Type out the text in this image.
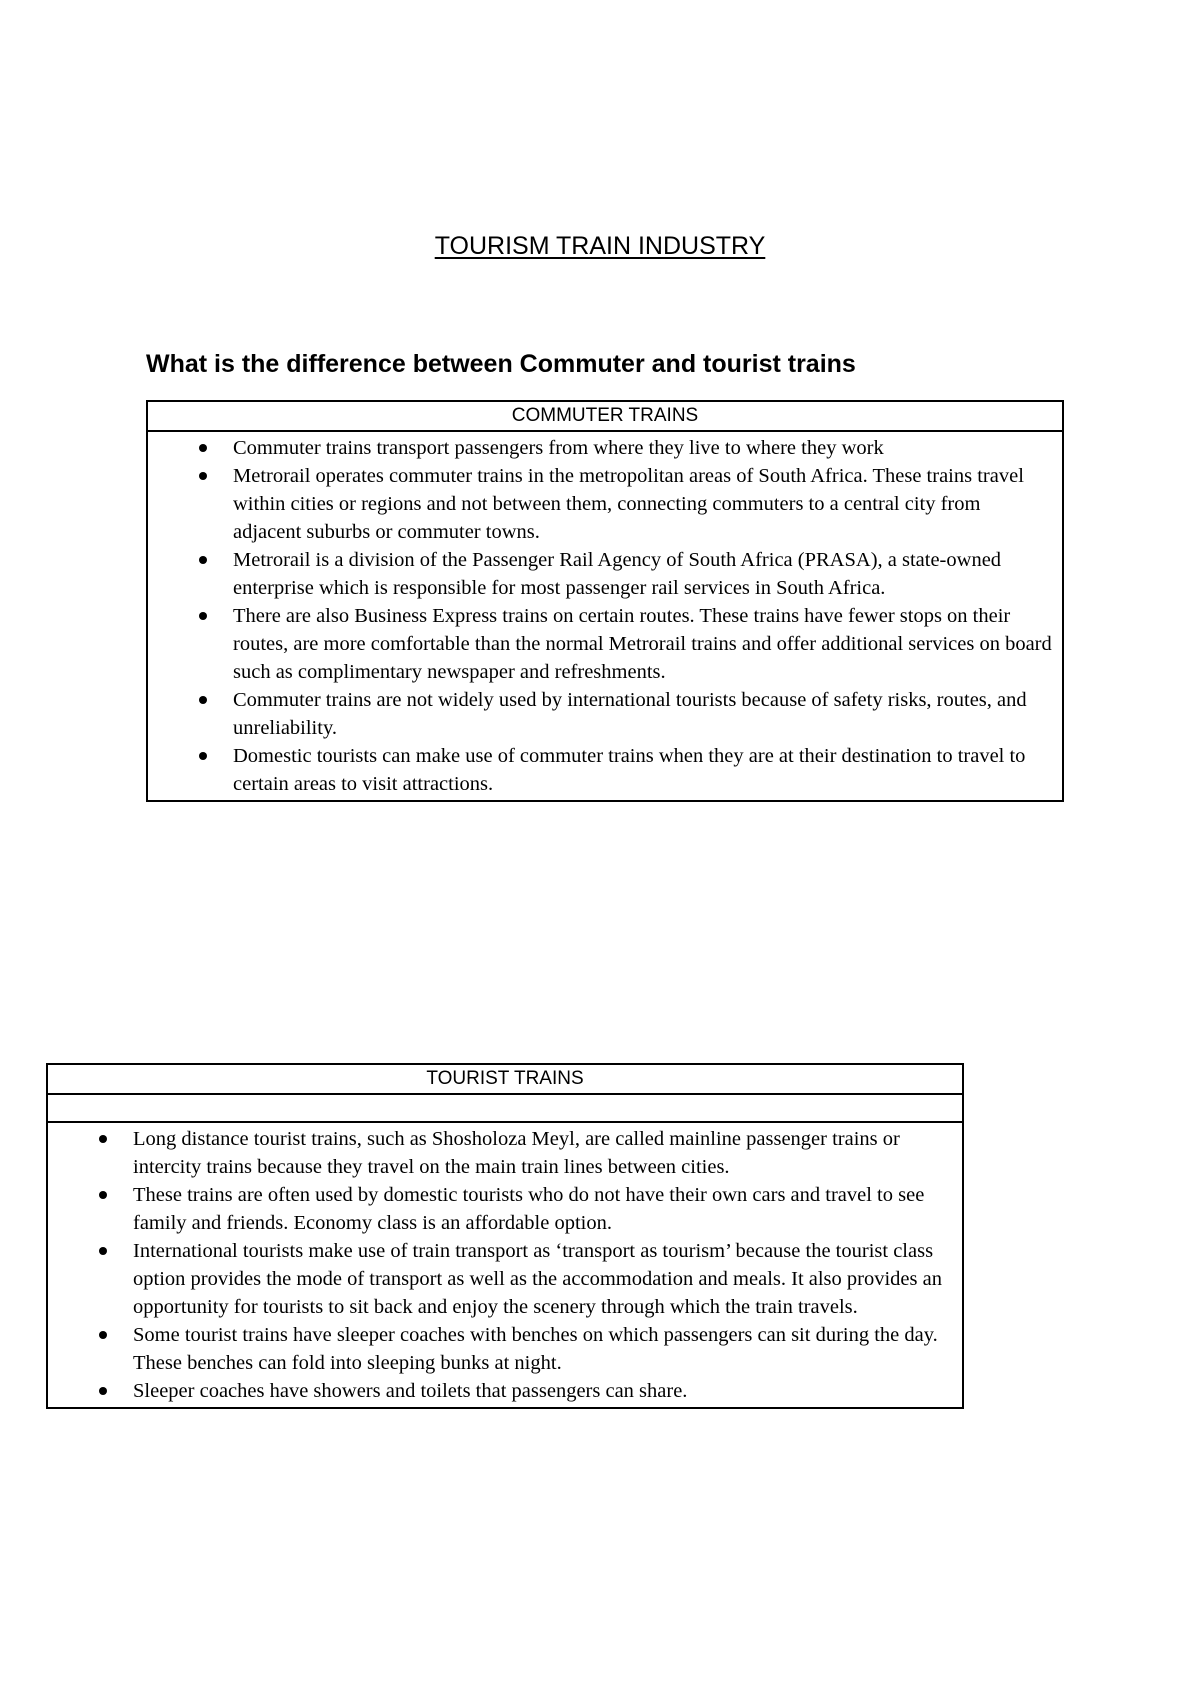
TOURISM TRAIN INDUSTRY
What is the difference between Commuter and tourist trains
COMMUTER TRAINS

Commuter trains transport passengers from where they live to where they work
Metrorail operates commuter trains in the metropolitan areas of South Africa. These trains travel within cities or regions and not between them, connecting commuters to a central city from adjacent suburbs or commuter towns.
Metrorail is a division of the Passenger Rail Agency of South Africa (PRASA), a state-owned enterprise which is responsible for most passenger rail services in South Africa.
There are also Business Express trains on certain routes. These trains have fewer stops on their routes, are more comfortable than the normal Metrorail trains and offer additional services on board such as complimentary newspaper and refreshments.
Commuter trains are not widely used by international tourists because of safety risks, routes, and unreliability.
Domestic tourists can make use of commuter trains when they are at their destination to travel to certain areas to visit attractions.
TOURIST TRAINS

Long distance tourist trains, such as Shosholoza Meyl, are called mainline passenger trains or intercity trains because they travel on the main train lines between cities.
These trains are often used by domestic tourists who do not have their own cars and travel to see family and friends. Economy class is an affordable option.
International tourists make use of train transport as ‘transport as tourism’ because the tourist class option provides the mode of transport as well as the accommodation and meals. It also provides an opportunity for tourists to sit back and enjoy the scenery through which the train travels.
Some tourist trains have sleeper coaches with benches on which passengers can sit during the day. These benches can fold into sleeping bunks at night.
Sleeper coaches have showers and toilets that passengers can share.
